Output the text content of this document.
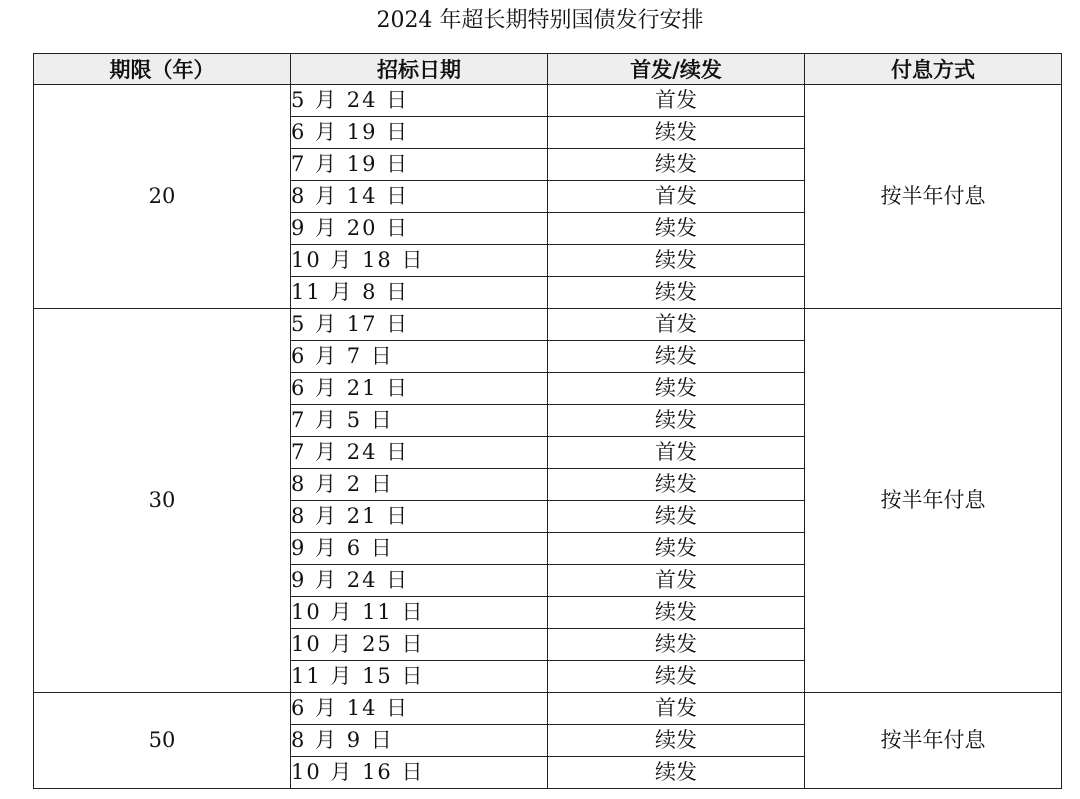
2024 年超长期特别国债发行安排
期限（年）	招标日期	首发/续发	付息方式
20	5 月 24 日	首发	按半年付息
	6 月 19 日	续发	
	7 月 19 日	续发	
	8 月 14 日	首发	
	9 月 20 日	续发	
	10 月 18 日	续发	
	11 月 8 日	续发	
30	5 月 17 日	首发	按半年付息
	6 月 7 日	续发	
	6 月 21 日	续发	
	7 月 5 日	续发	
	7 月 24 日	首发	
	8 月 2 日	续发	
	8 月 21 日	续发	
	9 月 6 日	续发	
	9 月 24 日	首发	
	10 月 11 日	续发	
	10 月 25 日	续发	
	11 月 15 日	续发	
50	6 月 14 日	首发	按半年付息
	8 月 9 日	续发	
	10 月 16 日	续发	
